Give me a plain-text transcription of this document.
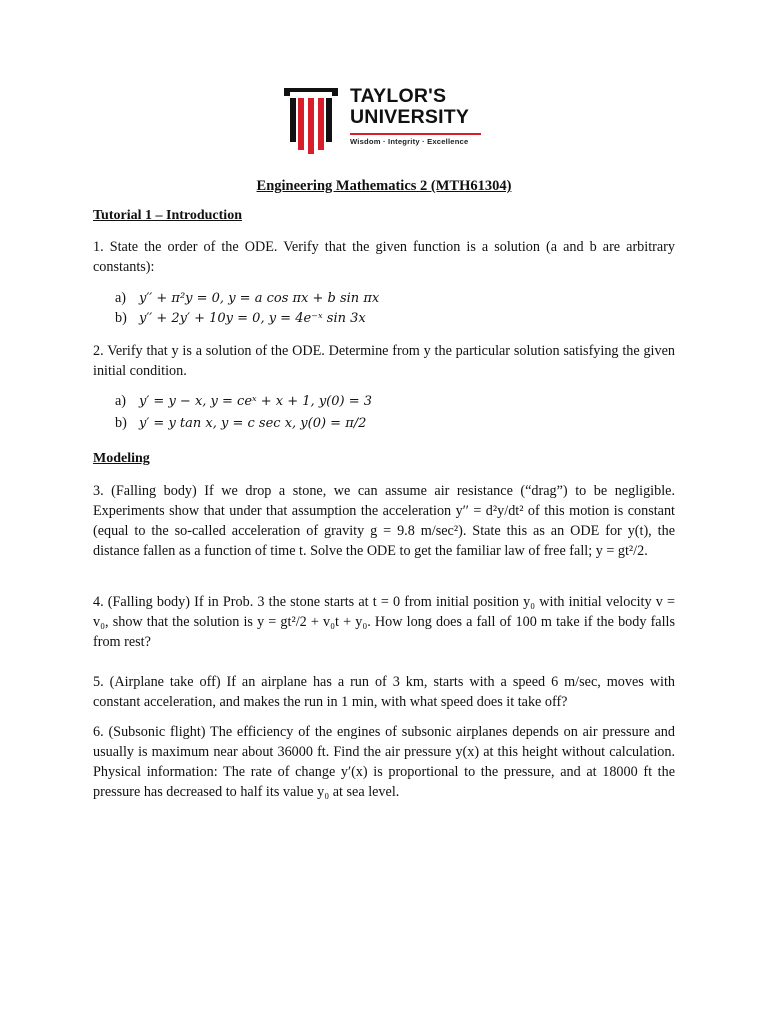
TAYLOR'S
UNIVERSITY
Wisdom · Integrity · Excellence
Engineering Mathematics 2 (MTH61304)
Tutorial 1 – Introduction
1. State the order of the ODE. Verify that the given function is a solution (a and b are arbitrary constants):
a) y′′ + π²y = 0, y = a cos πx + b sin πx
b) y′′ + 2y′ + 10y = 0, y = 4e⁻ˣ sin 3x
2. Verify that y is a solution of the ODE. Determine from y the particular solution satisfying the given initial condition.
a) y′ = y − x, y = ceˣ + x + 1, y(0) = 3
b) y′ = y tan x, y = c sec x, y(0) = π/2
Modeling
3. (Falling body) If we drop a stone, we can assume air resistance (“drag”) to be negligible. Experiments show that under that assumption the acceleration y′′ = d²y/dt² of this motion is constant (equal to the so-called acceleration of gravity g = 9.8 m/sec²). State this as an ODE for y(t), the distance fallen as a function of time t. Solve the ODE to get the familiar law of free fall; y = gt²/2.
4. (Falling body) If in Prob. 3 the stone starts at t = 0 from initial position y₀ with initial velocity v = v₀, show that the solution is y = gt²/2 + v₀t + y₀. How long does a fall of 100 m take if the body falls from rest?
5. (Airplane take off) If an airplane has a run of 3 km, starts with a speed 6 m/sec, moves with constant acceleration, and makes the run in 1 min, with what speed does it take off?
6. (Subsonic flight) The efficiency of the engines of subsonic airplanes depends on air pressure and usually is maximum near about 36000 ft. Find the air pressure y(x) at this height without calculation. Physical information: The rate of change y′(x) is proportional to the pressure, and at 18000 ft the pressure has decreased to half its value y₀ at sea level.
